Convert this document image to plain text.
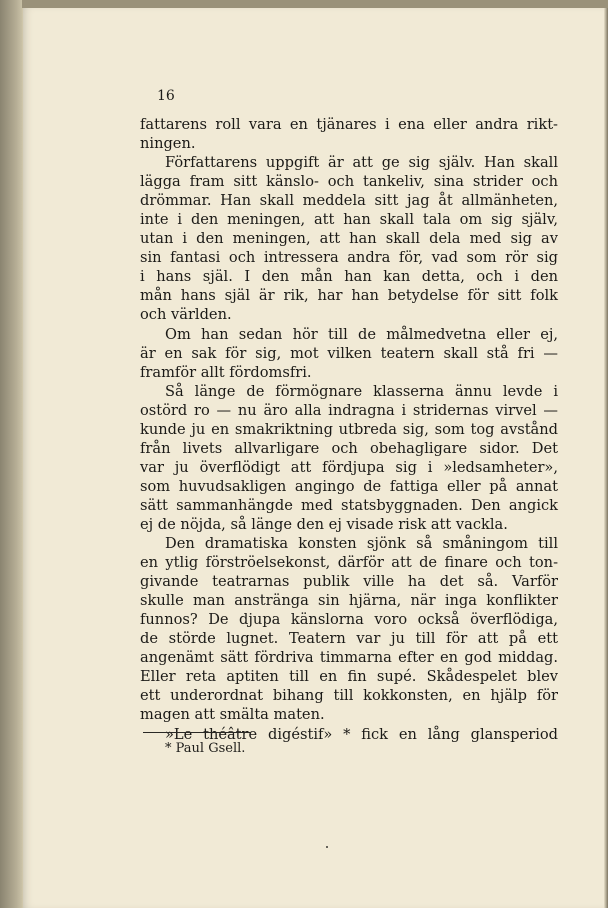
16
fattarens roll vara en tjänares i ena eller andra rikt-
ningen.
Författarens uppgift är att ge sig själv. Han skall
lägga fram sitt känslo- och tankeliv, sina strider och
drömmar. Han skall meddela sitt jag åt allmänheten,
inte i den meningen, att han skall tala om sig själv,
utan i den meningen, att han skall dela med sig av
sin fantasi och intressera andra för, vad som rör sig
i hans själ. I den mån han kan detta, och i den
mån hans själ är rik, har han betydelse för sitt folk
och världen.
Om han sedan hör till de målmedvetna eller ej,
är en sak för sig, mot vilken teatern skall stå fri —
framför allt fördomsfri.
Så länge de förmögnare klasserna ännu levde i
ostörd ro — nu äro alla indragna i stridernas virvel —
kunde ju en smakriktning utbreda sig, som tog avstånd
från livets allvarligare och obehagligare sidor. Det
var ju överflödigt att fördjupa sig i »ledsamheter»,
som huvudsakligen angingo de fattiga eller på annat
sätt sammanhängde med statsbyggnaden. Den angick
ej de nöjda, så länge den ej visade risk att vackla.
Den dramatiska konsten sjönk så småningom till
en ytlig förströelsekonst, därför att de finare och ton-
givande teatrarnas publik ville ha det så. Varför
skulle man anstränga sin hjärna, när inga konflikter
funnos? De djupa känslorna voro också överflödiga,
de störde lugnet. Teatern var ju till för att på ett
angenämt sätt fördriva timmarna efter en god middag.
Eller reta aptiten till en fin supé. Skådespelet blev
ett underordnat bihang till kokkonsten, en hjälp för
magen att smälta maten.
»Le théâtre digéstif» * fick en lång glansperiod
* Paul Gsell.
